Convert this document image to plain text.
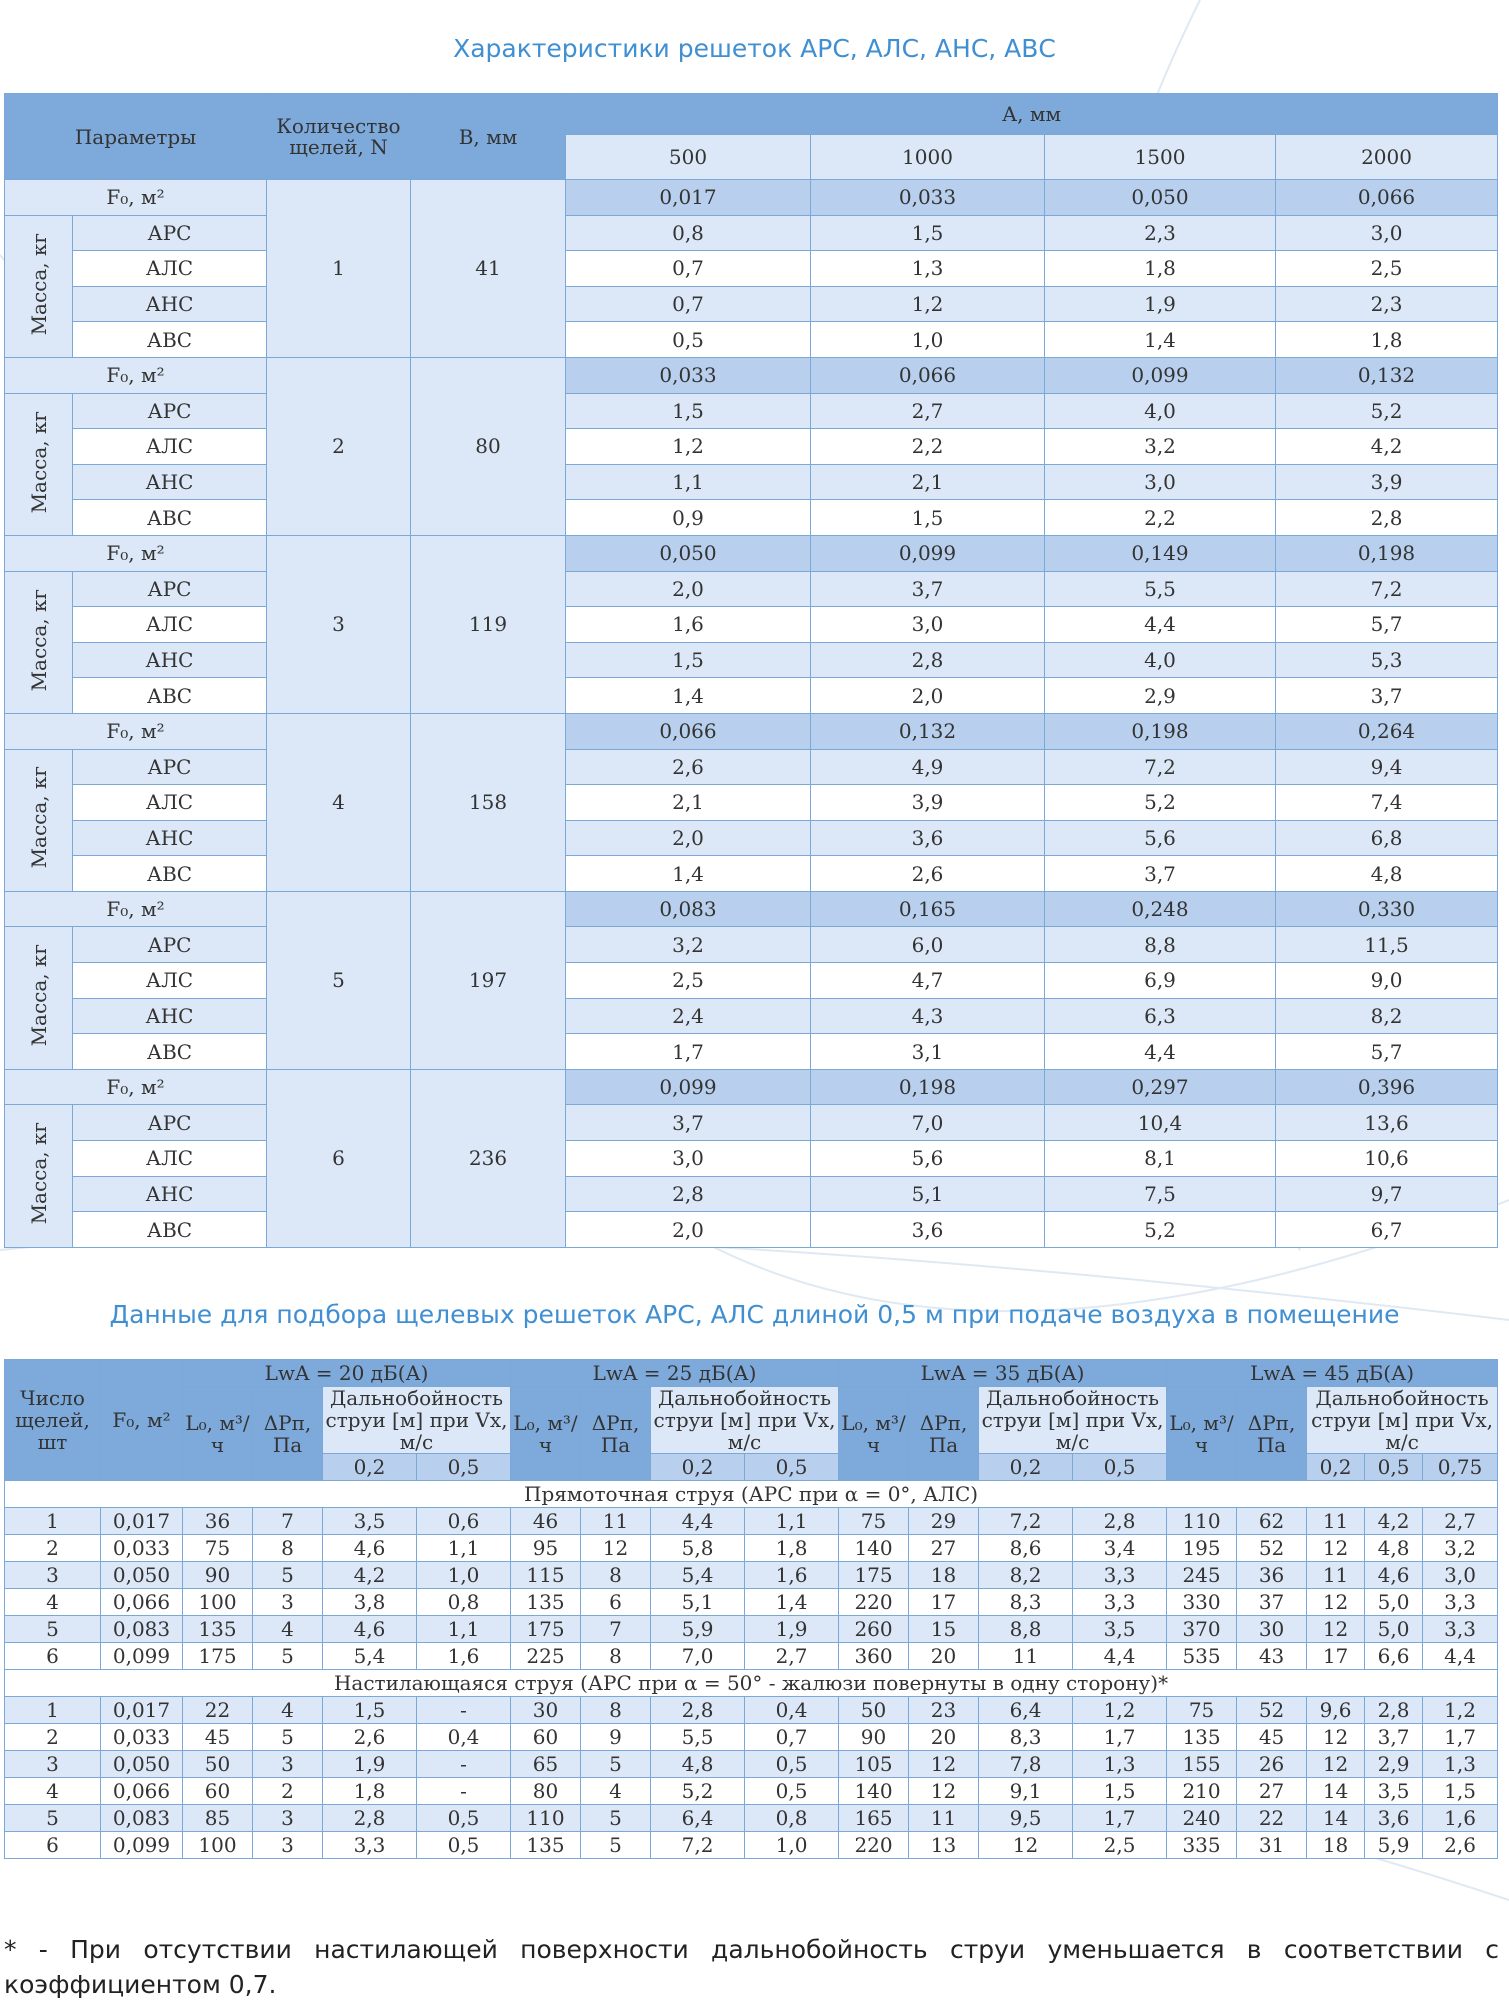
Характеристики решеток АРС, АЛС, АНС, АВС
Параметры		Количество щелей, N	B, мм	А, мм			
				500	1000	1500	2000
F₀, м²		1	41	0,017	0,033	0,050	0,066
Масса, кг	АРС			0,8	1,5	2,3	3,0
	АЛС			0,7	1,3	1,8	2,5
	АНС			0,7	1,2	1,9	2,3
	АВС			0,5	1,0	1,4	1,8
F₀, м²		2	80	0,033	0,066	0,099	0,132
Масса, кг	АРС			1,5	2,7	4,0	5,2
	АЛС			1,2	2,2	3,2	4,2
	АНС			1,1	2,1	3,0	3,9
	АВС			0,9	1,5	2,2	2,8
F₀, м²		3	119	0,050	0,099	0,149	0,198
Масса, кг	АРС			2,0	3,7	5,5	7,2
	АЛС			1,6	3,0	4,4	5,7
	АНС			1,5	2,8	4,0	5,3
	АВС			1,4	2,0	2,9	3,7
F₀, м²		4	158	0,066	0,132	0,198	0,264
Масса, кг	АРС			2,6	4,9	7,2	9,4
	АЛС			2,1	3,9	5,2	7,4
	АНС			2,0	3,6	5,6	6,8
	АВС			1,4	2,6	3,7	4,8
F₀, м²		5	197	0,083	0,165	0,248	0,330
Масса, кг	АРС			3,2	6,0	8,8	11,5
	АЛС			2,5	4,7	6,9	9,0
	АНС			2,4	4,3	6,3	8,2
	АВС			1,7	3,1	4,4	5,7
F₀, м²		6	236	0,099	0,198	0,297	0,396
Масса, кг	АРС			3,7	7,0	10,4	13,6
	АЛС			3,0	5,6	8,1	10,6
	АНС			2,8	5,1	7,5	9,7
	АВС			2,0	3,6	5,2	6,7
Данные для подбора щелевых решеток АРС, АЛС длиной 0,5 м при подаче воздуха в помещение
Число щелей, шт	F₀, м²	LwA = 20 дБ(А)				LwA = 25 дБ(А)				LwA = 35 дБ(А)				LwA = 45 дБ(А)				
		L₀, м³/ч	ΔPп, Па	Дальнобойность струи [м] при Vx, м/с		L₀, м³/ч	ΔPп, Па	Дальнобойность струи [м] при Vx, м/с		L₀, м³/ч	ΔPп, Па	Дальнобойность струи [м] при Vx, м/с		L₀, м³/ч	ΔPп, Па	Дальнобойность струи [м] при Vx, м/с		
				0,2	0,5			0,2	0,5			0,2	0,5			0,2	0,5	0,75
Прямоточная струя (АРС при α = 0°, АЛС)																		
1	0,017	36	7	3,5	0,6	46	11	4,4	1,1	75	29	7,2	2,8	110	62	11	4,2	2,7
2	0,033	75	8	4,6	1,1	95	12	5,8	1,8	140	27	8,6	3,4	195	52	12	4,8	3,2
3	0,050	90	5	4,2	1,0	115	8	5,4	1,6	175	18	8,2	3,3	245	36	11	4,6	3,0
4	0,066	100	3	3,8	0,8	135	6	5,1	1,4	220	17	8,3	3,3	330	37	12	5,0	3,3
5	0,083	135	4	4,6	1,1	175	7	5,9	1,9	260	15	8,8	3,5	370	30	12	5,0	3,3
6	0,099	175	5	5,4	1,6	225	8	7,0	2,7	360	20	11	4,4	535	43	17	6,6	4,4
Настилающаяся струя (АРС при α = 50° - жалюзи повернуты в одну сторону)*																		
1	0,017	22	4	1,5	-	30	8	2,8	0,4	50	23	6,4	1,2	75	52	9,6	2,8	1,2
2	0,033	45	5	2,6	0,4	60	9	5,5	0,7	90	20	8,3	1,7	135	45	12	3,7	1,7
3	0,050	50	3	1,9	-	65	5	4,8	0,5	105	12	7,8	1,3	155	26	12	2,9	1,3
4	0,066	60	2	1,8	-	80	4	5,2	0,5	140	12	9,1	1,5	210	27	14	3,5	1,5
5	0,083	85	3	2,8	0,5	110	5	6,4	0,8	165	11	9,5	1,7	240	22	14	3,6	1,6
6	0,099	100	3	3,3	0,5	135	5	7,2	1,0	220	13	12	2,5	335	31	18	5,9	2,6
* - При отсутствии настилающей поверхности дальнобойность струи уменьшается в соответствии с коэффициентом 0,7.
